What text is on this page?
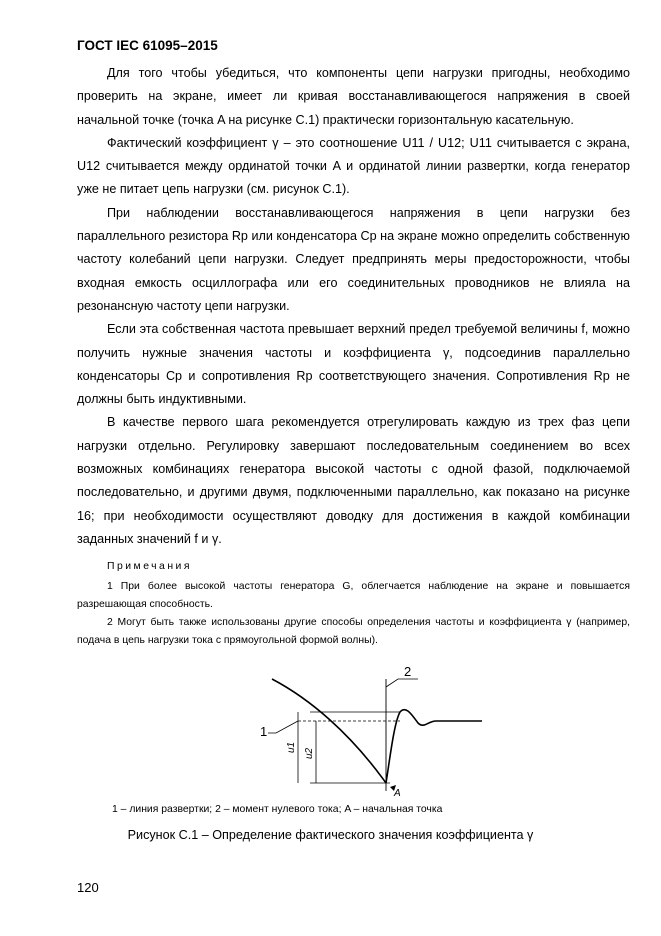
ГОСТ IEC 61095–2015

Для того чтобы убедиться, что компоненты цепи нагрузки пригодны, необходимо проверить на экране, имеет ли кривая восстанавливающегося напряжения в своей начальной точке (точка A на рисунке С.1) практически горизонтальную касательную.

Фактический коэффициент γ – это соотношение U11 / U12; U11 считывается с экрана, U12 считывается между ординатой точки A и ординатой линии развертки, когда генератор уже не питает цепь нагрузки (см. рисунок С.1).

При наблюдении восстанавливающегося напряжения в цепи нагрузки без параллельного резистора Rp или конденсатора Cp на экране можно определить собственную частоту колебаний цепи нагрузки. Следует предпринять меры предосторожности, чтобы входная емкость осциллографа или его соединительных проводников не влияла на резонансную частоту цепи нагрузки.

Если эта собственная частота превышает верхний предел требуемой величины f, можно получить нужные значения частоты и коэффициента γ, подсоединив параллельно конденсаторы Cp и сопротивления Rp соответствующего значения. Сопротивления Rp не должны быть индуктивными.

В качестве первого шага рекомендуется отрегулировать каждую из трех фаз цепи нагрузки отдельно. Регулировку завершают последовательным соединением во всех возможных комбинациях генератора высокой частоты с одной фазой, подключаемой последовательно, и другими двумя, подключенными параллельно, как показано на рисунке 16; при необходимости осуществляют доводку для достижения в каждой комбинации заданных значений f и γ.

Примечания

1 При более высокой частоты генератора G, облегчается наблюдение на экране и повышается разрешающая способность.

2 Могут быть также использованы другие способы определения частоты и коэффициента γ (например, подача в цепь нагрузки тока с прямоугольной формой волны).

1
2
A
u1
u2
1 – линия развертки; 2 – момент нулевого тока; A – начальная точка
Рисунок С.1 – Определение фактического значения коэффициента γ
120
